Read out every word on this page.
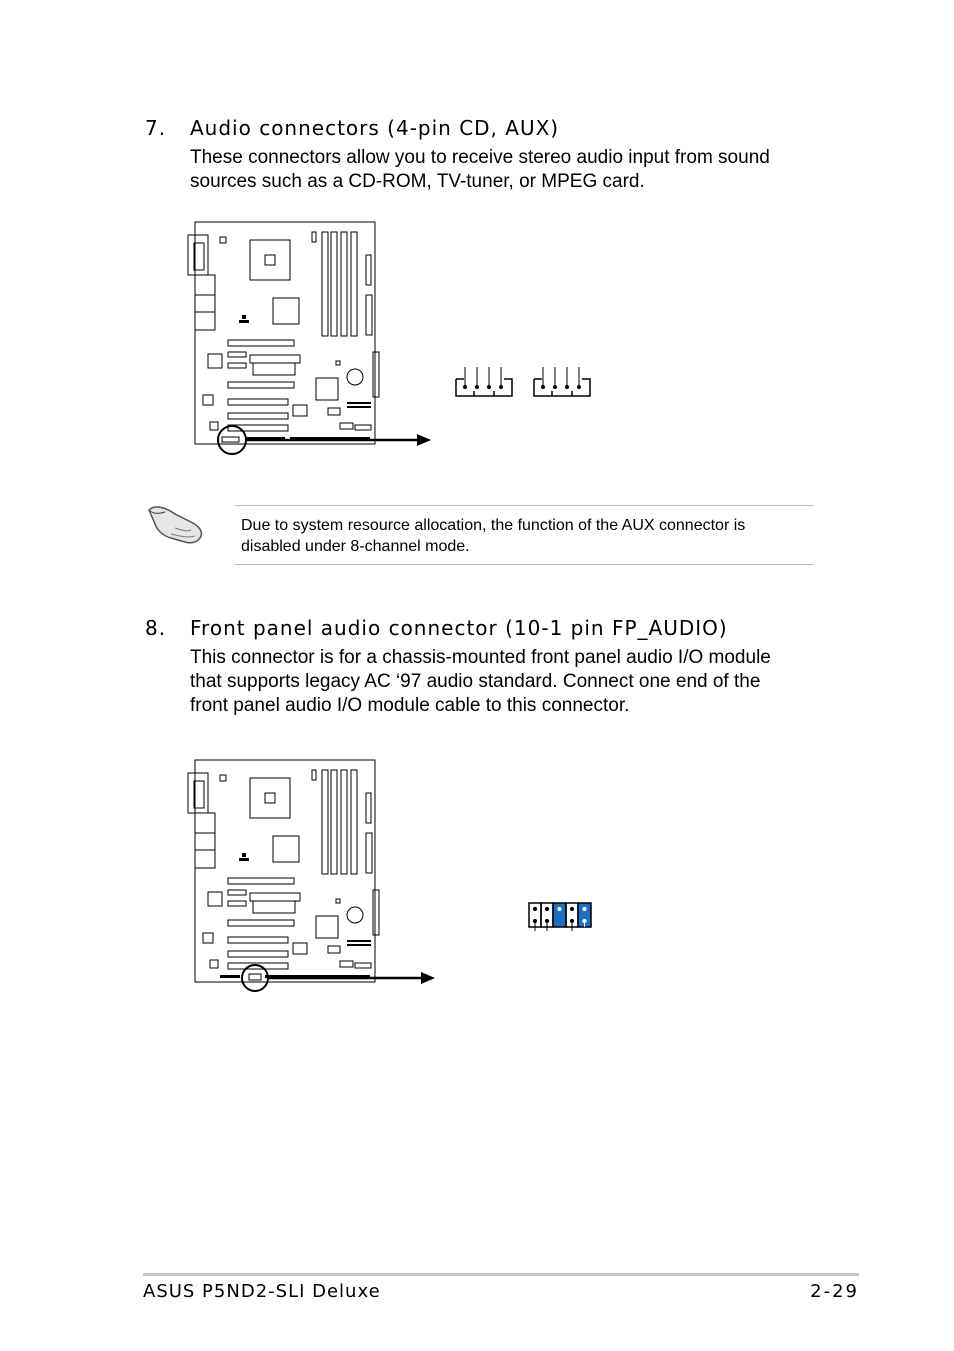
7. Audio connectors (4-pin CD, AUX)
These connectors allow you to receive stereo audio input from sound
sources such as a CD-ROM, TV-tuner, or MPEG card.
Due to system resource allocation, the function of the AUX connector is
disabled under 8-channel mode.
8. Front panel audio connector (10-1 pin FP_AUDIO)
This connector is for a chassis-mounted front panel audio I/O module
that supports legacy AC ‘97 audio standard. Connect one end of the
front panel audio I/O module cable to this connector.
ASUS P5ND2-SLI Deluxe	2-29
